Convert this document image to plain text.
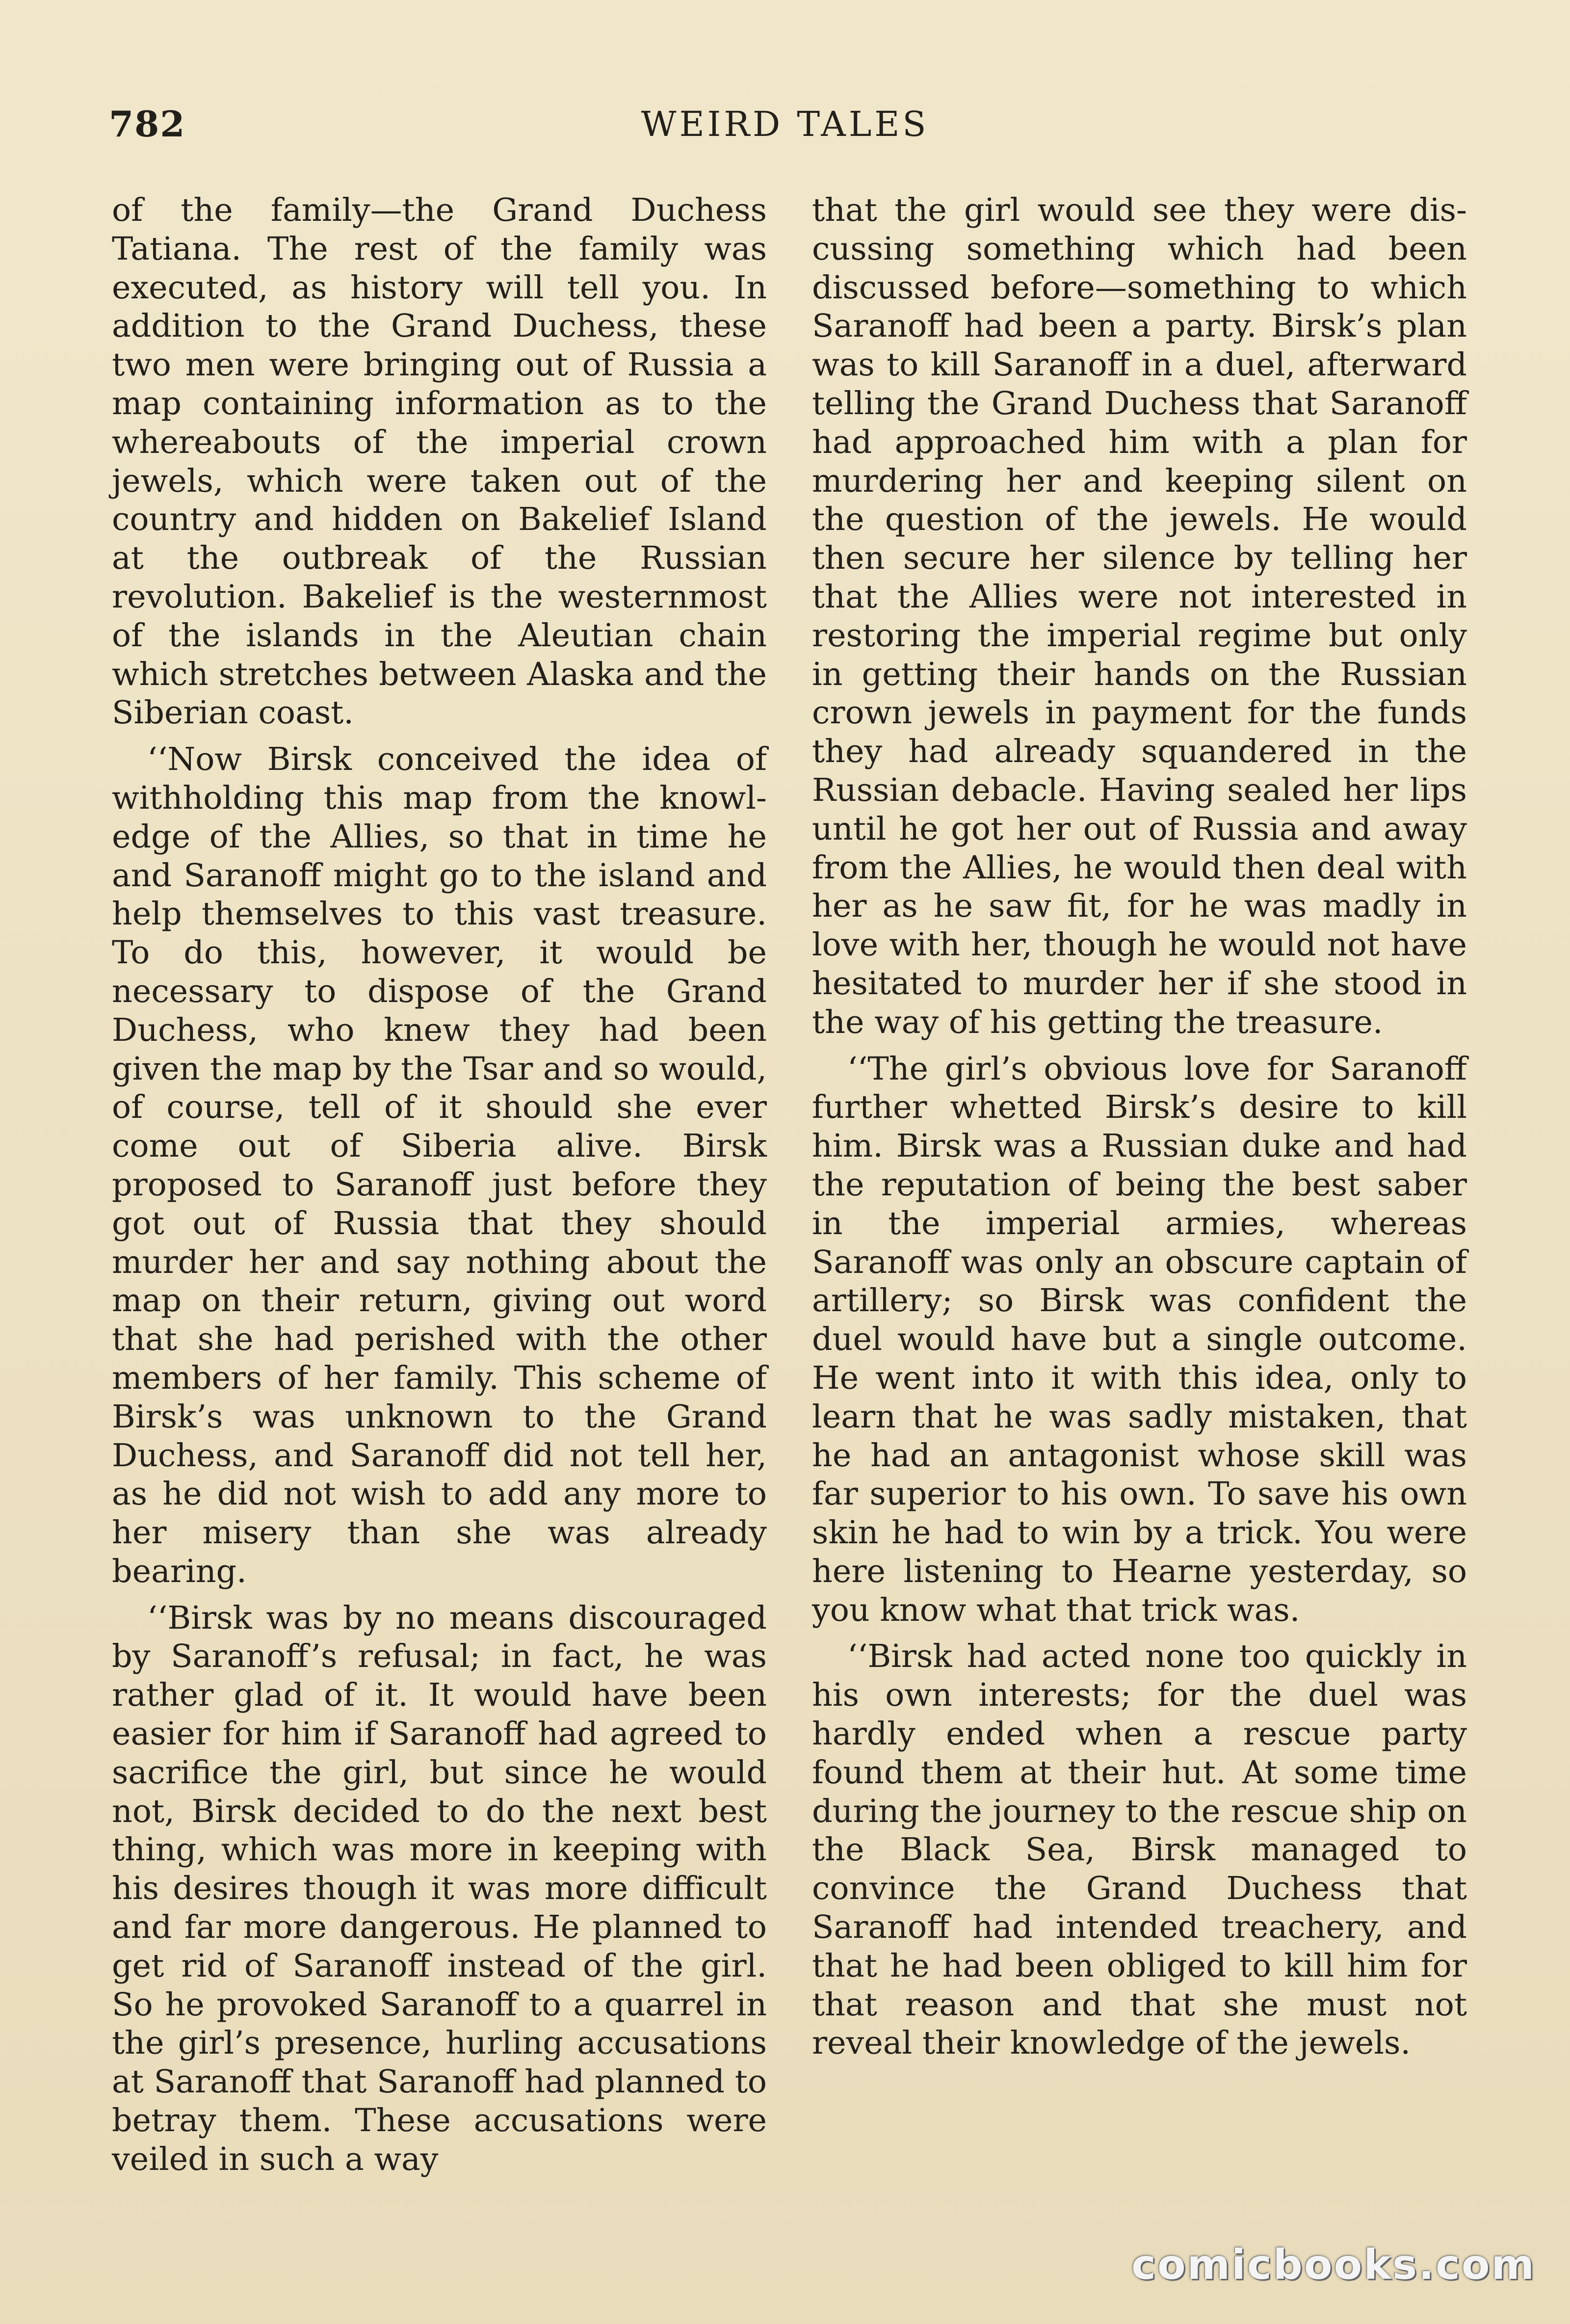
782	WEIRD TALES

of the family—the Grand Duchess Tatiana. The rest of the family was executed, as history will tell you. In addition to the Grand Duchess, these two men were bringing out of Russia a map containing information as to the whereabouts of the imperial crown jewels, which were taken out of the country and hidden on Bakelief Island at the outbreak of the Russian revolution. Bakelief is the westernmost of the islands in the Aleutian chain which stretches between Alaska and the Siberian coast.

‘‘Now Birsk conceived the idea of withholding this map from the knowledge of the Allies, so that in time he and Saranoff might go to the island and help themselves to this vast treasure. To do this, however, it would be necessary to dispose of the Grand Duchess, who knew they had been given the map by the Tsar and so would, of course, tell of it should she ever come out of Siberia alive. Birsk proposed to Saranoff just before they got out of Russia that they should murder her and say nothing about the map on their return, giving out word that she had perished with the other members of her family. This scheme of Birsk’s was unknown to the Grand Duchess, and Saranoff did not tell her, as he did not wish to add any more to her misery than she was already bearing.

‘‘Birsk was by no means discouraged by Saranoff’s refusal; in fact, he was rather glad of it. It would have been easier for him if Saranoff had agreed to sacrifice the girl, but since he would not, Birsk decided to do the next best thing, which was more in keeping with his desires though it was more difficult and far more dangerous. He planned to get rid of Saranoff instead of the girl. So he provoked Saranoff to a quarrel in the girl’s presence, hurling accusations at Saranoff that Saranoff had planned to betray them. These accusations were veiled in such a way

that the girl would see they were discussing something which had been discussed before—something to which Saranoff had been a party. Birsk’s plan was to kill Saranoff in a duel, afterward telling the Grand Duchess that Saranoff had approached him with a plan for murdering her and keeping silent on the question of the jewels. He would then secure her silence by telling her that the Allies were not interested in restoring the imperial regime but only in getting their hands on the Russian crown jewels in payment for the funds they had already squandered in the Russian debacle. Having sealed her lips until he got her out of Russia and away from the Allies, he would then deal with her as he saw fit, for he was madly in love with her, though he would not have hesitated to murder her if she stood in the way of his getting the treasure.

‘‘The girl’s obvious love for Saranoff further whetted Birsk’s desire to kill him. Birsk was a Russian duke and had the reputation of being the best saber in the imperial armies, whereas Saranoff was only an obscure captain of artillery; so Birsk was confident the duel would have but a single outcome. He went into it with this idea, only to learn that he was sadly mistaken, that he had an antagonist whose skill was far superior to his own. To save his own skin he had to win by a trick. You were here listening to Hearne yesterday, so you know what that trick was.

‘‘Birsk had acted none too quickly in his own interests; for the duel was hardly ended when a rescue party found them at their hut. At some time during the journey to the rescue ship on the Black Sea, Birsk managed to convince the Grand Duchess that Saranoff had intended treachery, and that he had been obliged to kill him for that reason and that she must not reveal their knowledge of the jewels.

comicbooks.com
